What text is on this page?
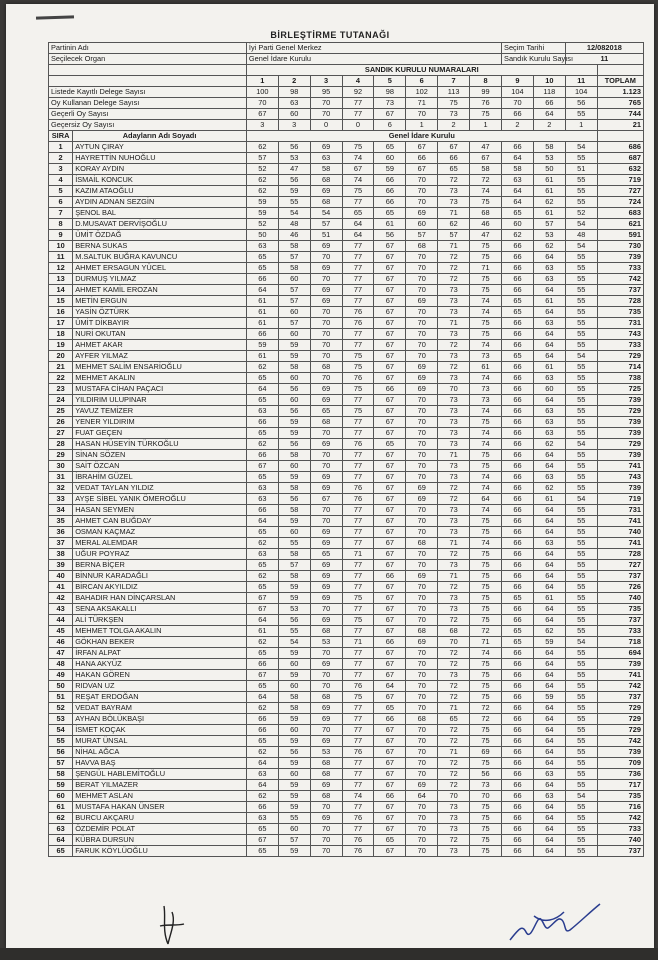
BİRLEŞTİRME TUTANAĞI
Partinin Adı		İyi Parti Genel Merkez								Seçim Tarihi		12/082018	
Seçilecek Organ		Genel İdare Kurulu								Sandık Kurulu Sayısı		11	
		SANDIK KURULU NUMARALARI											
		1	2	3	4	5	6	7	8	9	10	11	TOPLAM
Listede Kayıtlı Delege Sayısı		100	98	95	92	98	102	113	99	104	118	104	1.123
Oy Kullanan Delege Sayısı		70	63	70	77	73	71	75	76	70	66	56	765
Geçerli Oy Sayısı		67	60	70	77	67	70	73	75	66	64	55	744
Geçersiz Oy Sayısı		3	3	0	0	6	1	2	1	2	2	1	21
SIRA	Adayların Adı Soyadı	Genel İdare Kurulu											
1	AYTUN ÇIRAY	62	56	69	75	65	67	67	47	66	58	54	686
2	HAYRETTİN NUHOĞLU	57	53	63	74	60	66	66	67	64	53	55	687
3	KORAY AYDIN	52	47	58	67	59	67	65	58	58	50	51	632
4	İSMAİL KONCUK	62	56	68	74	66	70	72	72	63	61	55	719
5	KAZIM ATAOĞLU	62	59	69	75	66	70	73	74	64	61	55	727
6	AYDIN ADNAN SEZGİN	59	55	68	77	66	70	73	75	64	62	55	724
7	ŞENOL BAL	59	54	54	65	65	69	71	68	65	61	52	683
8	D.MUSAVAT DERVİŞOĞLU	52	48	57	64	61	60	62	46	60	57	54	621
9	ÜMİT ÖZDAĞ	50	46	51	64	56	57	57	47	62	53	48	591
10	BERNA SUKAS	63	58	69	77	67	68	71	75	66	62	54	730
11	M.SALTUK BUĞRA KAVUNCU	65	57	70	77	67	70	72	75	66	64	55	739
12	AHMET ERSAGUN YÜCEL	65	58	69	77	67	70	72	71	66	63	55	733
13	DURMUŞ YILMAZ	66	60	70	77	67	70	72	75	66	63	55	742
14	AHMET KAMİL EROZAN	64	57	69	77	67	70	73	75	66	64	55	737
15	METİN ERGUN	61	57	69	77	67	69	73	74	65	61	55	728
16	YASİN ÖZTÜRK	61	60	70	76	67	70	73	74	65	64	55	735
17	ÜMİT DİKBAYIR	61	57	70	76	67	70	71	75	66	63	55	731
18	NURİ OKUTAN	66	60	70	77	67	70	73	75	66	64	55	743
19	AHMET AKAR	59	59	70	77	67	70	72	74	66	64	55	733
20	AYFER YILMAZ	61	59	70	75	67	70	73	73	65	64	54	729
21	MEHMET SALİM ENSARİOĞLU	62	58	68	75	67	69	72	61	66	61	55	714
22	MEHMET AKALIN	65	60	70	76	67	69	73	74	66	63	55	738
23	MUSTAFA CİHAN PAÇACI	64	56	69	75	66	69	70	73	66	60	55	725
24	YILDIRIM ULUPINAR	65	60	69	77	67	70	73	73	66	64	55	739
25	YAVUZ TEMİZER	63	56	65	75	67	70	73	74	66	63	55	729
26	YENER YILDIRIM	66	59	68	77	67	70	73	75	66	63	55	739
27	FUAT GEÇEN	65	59	70	77	67	70	73	74	66	63	55	739
28	HASAN HÜSEYİN TÜRKOĞLU	62	56	69	76	65	70	73	74	66	62	54	729
29	SİNAN SÖZEN	66	58	70	77	67	70	71	75	66	64	55	739
30	SAİT ÖZCAN	67	60	70	77	67	70	73	75	66	64	55	741
31	İBRAHİM GÜZEL	65	59	69	77	67	70	73	74	66	63	55	743
32	VEDAT TAYLAN YILDIZ	63	58	69	76	67	69	72	74	66	62	55	739
33	AYŞE SİBEL YANIK ÖMEROĞLU	63	56	67	76	67	69	72	64	66	61	54	719
34	HASAN SEYMEN	66	58	70	77	67	70	73	74	66	64	55	731
35	AHMET CAN BUĞDAY	64	59	70	77	67	70	73	75	66	64	55	741
36	OSMAN KAÇMAZ	65	60	69	77	67	70	73	75	66	64	55	740
37	MERAL ALEMDAR	62	55	69	77	67	68	71	74	66	63	55	741
38	UĞUR POYRAZ	63	58	65	71	67	70	72	75	66	64	55	728
39	BERNA BİÇER	65	57	69	77	67	70	73	75	66	64	55	727
40	BİNNUR KARADAĞLI	62	58	69	77	66	69	71	75	66	64	55	737
41	BİRCAN AKYILDIZ	65	59	69	77	67	70	72	75	66	64	55	726
42	BAHADIR HAN DİNÇARSLAN	67	59	69	75	67	70	73	75	65	61	55	740
43	SENA AKSAKALLI	67	53	70	77	67	70	73	75	66	64	55	735
44	ALİ TÜRKŞEN	64	56	69	75	67	70	72	75	66	64	55	737
45	MEHMET TOLGA AKALIN	61	55	68	77	67	68	68	72	65	62	55	733
46	GÖKHAN BEKER	62	54	53	71	66	69	70	71	65	59	54	718
47	İRFAN ALPAT	65	59	70	77	67	70	72	74	66	64	55	694
48	HANA AKYÜZ	66	60	69	77	67	70	72	75	66	64	55	739
49	HAKAN GÖREN	67	59	70	77	67	70	73	75	66	64	55	741
50	RIDVAN UZ	65	60	70	76	64	70	72	75	66	64	55	742
51	REŞAT ERDOĞAN	64	58	68	75	67	70	72	75	66	59	55	737
52	VEDAT BAYRAM	62	58	69	77	65	70	71	72	66	64	55	729
53	AYHAN BÖLÜKBAŞI	66	59	69	77	66	68	65	72	66	64	55	729
54	İSMET KOÇAK	66	60	70	77	67	70	72	75	66	64	55	729
55	MURAT ÜNSAL	65	59	69	77	67	70	72	75	66	64	55	742
56	NİHAL AĞCA	62	56	53	76	67	70	71	69	66	64	55	739
57	HAVVA BAŞ	64	59	68	77	67	70	72	75	66	64	55	709
58	ŞENGÜL HABLEMİTOĞLU	63	60	68	77	67	70	72	56	66	63	55	736
59	BERAT YILMAZER	64	59	69	77	67	69	72	73	66	64	55	717
60	MEHMET ASLAN	62	59	68	74	66	64	70	70	66	63	54	735
61	MUSTAFA HAKAN ÜNSER	66	59	70	77	67	70	73	75	66	64	55	716
62	BURCU AKÇARU	63	55	69	76	67	70	73	75	66	64	55	742
63	ÖZDEMİR POLAT	65	60	70	77	67	70	73	75	66	64	55	733
64	KÜBRA DURSUN	67	57	70	76	65	70	72	75	66	64	55	740
65	FARUK KÖYLÜOĞLU	65	59	70	76	67	70	73	75	66	64	55	737
